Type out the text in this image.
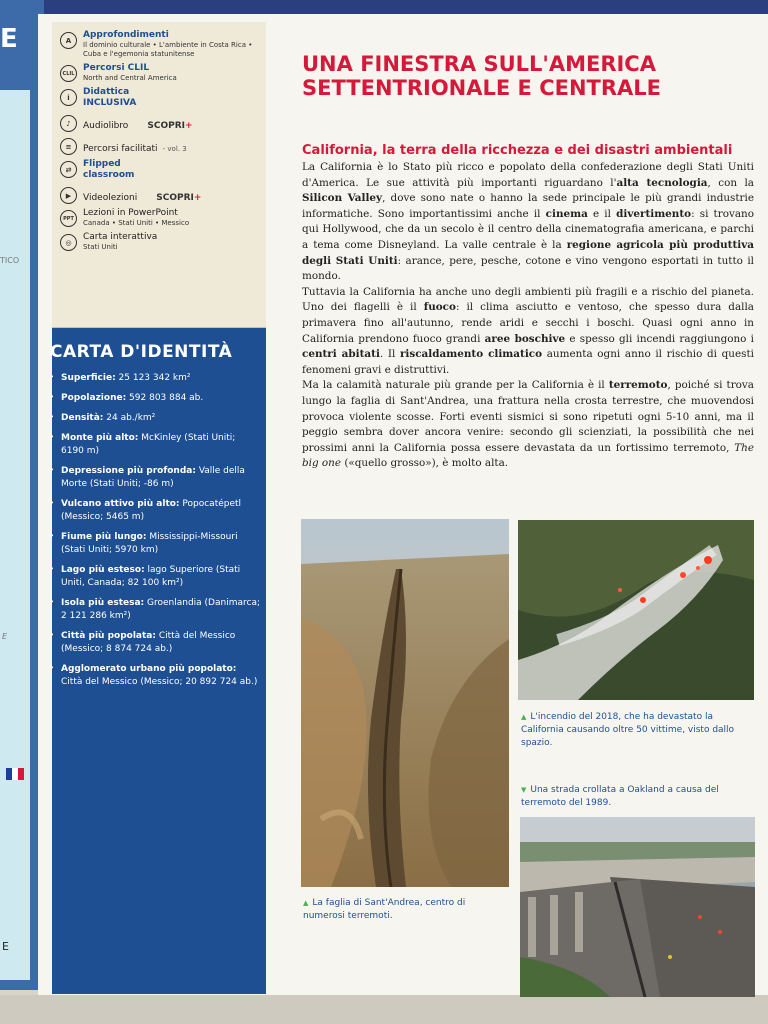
E
TICO
E
E
A
Approfondimenti
Il dominio culturale • L'ambiente in Costa Rica • Cuba e l'egemonia statunitense
CLIL
Percorsi CLIL
North and Central America
i
Didattica INCLUSIVA
♪	Audiolibro SCOPRI+
≡	Percorsi facilitati - vol. 3
⇄
Flipped classroom
▶	Videolezioni SCOPRI+
PPT
Lezioni in PowerPoint
Canada • Stati Uniti • Messico
◎
Carta interattiva
Stati Uniti
CARTA D'IDENTITÀ
› Superficie: 25 123 342 km²
› Popolazione: 592 803 884 ab.
› Densità: 24 ab./km²
› Monte più alto: McKinley (Stati Uniti; 6190 m)
› Depressione più profonda: Valle della Morte (Stati Uniti; -86 m)
› Vulcano attivo più alto: Popocatépetl (Messico; 5465 m)
› Fiume più lungo: Mississippi-Missouri (Stati Uniti; 5970 km)
› Lago più esteso: lago Superiore (Stati Uniti, Canada; 82 100 km²)
› Isola più estesa: Groenlandia (Danimarca; 2 121 286 km²)
› Città più popolata: Città del Messico (Messico; 8 874 724 ab.)
› Agglomerato urbano più popolato: Città del Messico (Messico; 20 892 724 ab.)
UNA FINESTRA SULL'AMERICA
SETTENTRIONALE E CENTRALE
California, la terra della ricchezza e dei disastri ambientali

La California è lo Stato più ricco e popolato della confederazione degli Stati Uniti d'America. Le sue attività più importanti riguardano l'alta tecnologia, con la Silicon Valley, dove sono nate o hanno la sede principale le più grandi industrie informatiche. Sono importantissimi anche il cinema e il divertimento: si trovano qui Hollywood, che da un secolo è il centro della cinematografia americana, e parchi a tema come Disneyland. La valle centrale è la regione agricola più produttiva degli Stati Uniti: arance, pere, pesche, cotone e vino vengono esportati in tutto il mondo.

Tuttavia la California ha anche uno degli ambienti più fragili e a rischio del pianeta. Uno dei flagelli è il fuoco: il clima asciutto e ventoso, che spesso dura dalla primavera fino all'autunno, rende aridi e secchi i boschi. Quasi ogni anno in California prendono fuoco grandi aree boschive e spesso gli incendi raggiungono i centri abitati. Il riscaldamento climatico aumenta ogni anno il rischio di questi fenomeni gravi e distruttivi.

Ma la calamità naturale più grande per la California è il terremoto, poiché si trova lungo la faglia di Sant'Andrea, una frattura nella crosta terrestre, che muovendosi provoca violente scosse. Forti eventi sismici si sono ripetuti ogni 5-10 anni, ma il peggio sembra dover ancora venire: secondo gli scienziati, la possibilità che nei prossimi anni la California possa essere devastata da un fortissimo terremoto, The big one («quello grosso»), è molto alta.

▲ L'incendio del 2018, che ha devastato la California causando oltre 50 vittime, visto dallo spazio.
▼ Una strada crollata a Oakland a causa del terremoto del 1989.
▲ La faglia di Sant'Andrea, centro di numerosi terremoti.
